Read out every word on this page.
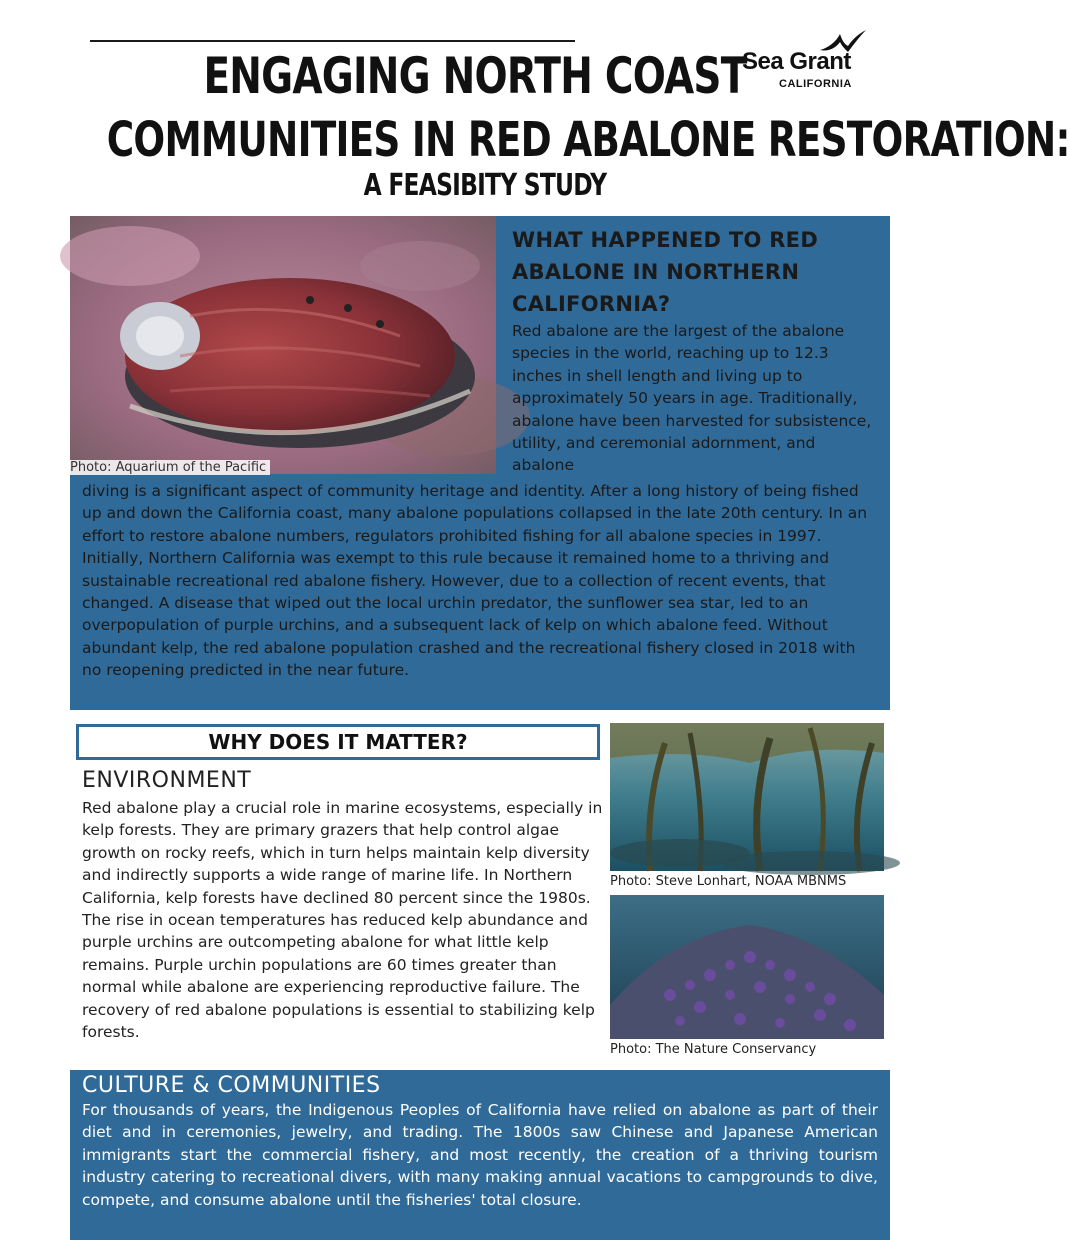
ENGAGING NORTH COAST
COMMUNITIES IN RED ABALONE RESTORATION:
A FEASIBITY STUDY
Sea Grant
CALIFORNIA
Photo: Aquarium of the Pacific
WHAT HAPPENED TO RED ABALONE IN NORTHERN CALIFORNIA?
Red abalone are the largest of the abalone species in the world, reaching up to 12.3 inches in shell length and living up to approximately 50 years in age. Traditionally, abalone have been harvested for subsistence, utility, and ceremonial adornment, and abalone
diving is a significant aspect of community heritage and identity. After a long history of being fished up and down the California coast, many abalone populations collapsed in the late 20th century. In an effort to restore abalone numbers, regulators prohibited fishing for all abalone species in 1997. Initially, Northern California was exempt to this rule because it remained home to a thriving and sustainable recreational red abalone fishery. However, due to a collection of recent events, that changed. A disease that wiped out the local urchin predator, the sunflower sea star, led to an overpopulation of purple urchins, and a subsequent lack of kelp on which abalone feed. Without abundant kelp, the red abalone population crashed and the recreational fishery closed in 2018 with no reopening predicted in the near future.
WHY DOES IT MATTER?
ENVIRONMENT
Red abalone play a crucial role in marine ecosystems, especially in kelp forests. They are primary grazers that help control algae growth on rocky reefs, which in turn helps maintain kelp diversity and indirectly supports a wide range of marine life. In Northern California, kelp forests have declined 80 percent since the 1980s. The rise in ocean temperatures has reduced kelp abundance and purple urchins are outcompeting abalone for what little kelp remains. Purple urchin populations are 60 times greater than normal while abalone are experiencing reproductive failure. The recovery of red abalone populations is essential to stabilizing kelp forests.
Photo: Steve Lonhart, NOAA MBNMS
Photo: The Nature Conservancy
CULTURE & COMMUNITIES
For thousands of years, the Indigenous Peoples of California have relied on abalone as part of their diet and in ceremonies, jewelry, and trading. The 1800s saw Chinese and Japanese American immigrants start the commercial fishery, and most recently, the creation of a thriving tourism industry catering to recreational divers, with many making annual vacations to campgrounds to dive, compete, and consume abalone until the fisheries' total closure.
